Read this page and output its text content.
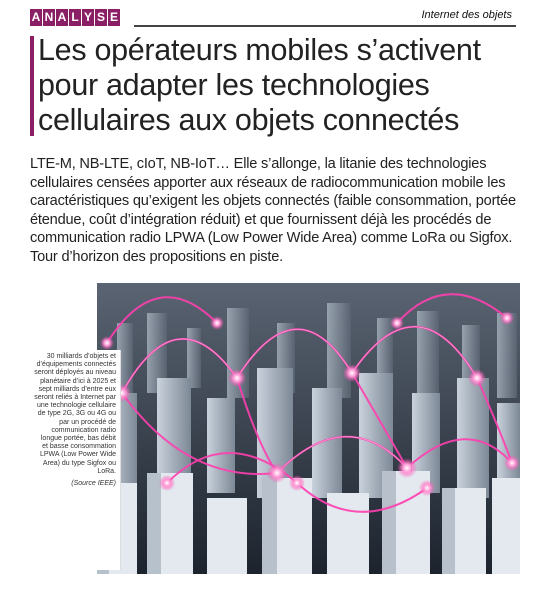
A N A L Y S E	Internet des objets
Les opérateurs mobiles s’activent pour adapter les technologies cellulaires aux objets connectés

LTE-M, NB-LTE, cIoT, NB-IoT… Elle s’allonge, la litanie des technologies cellulaires censées apporter aux réseaux de radiocommunication mobile les caractéristiques qu’exigent les objets connectés (faible consommation, portée étendue, coût d’intégration réduit) et que fournissent déjà les procédés de communication radio LPWA (Low Power Wide Area) comme LoRa ou Sigfox. Tour d’horizon des propositions en piste.

30 milliards d’objets et d’équipements connectés seront déployés au niveau planétaire d’ici à 2025 et sept milliards d’entre eux seront reliés à Internet par une technologie cellulaire de type 2G, 3G ou 4G ou par un procédé de communication radio longue portée, bas débit et basse consommation LPWA (Low Power Wide Area) du type Sigfox ou LoRa.

(Source IEEE)
